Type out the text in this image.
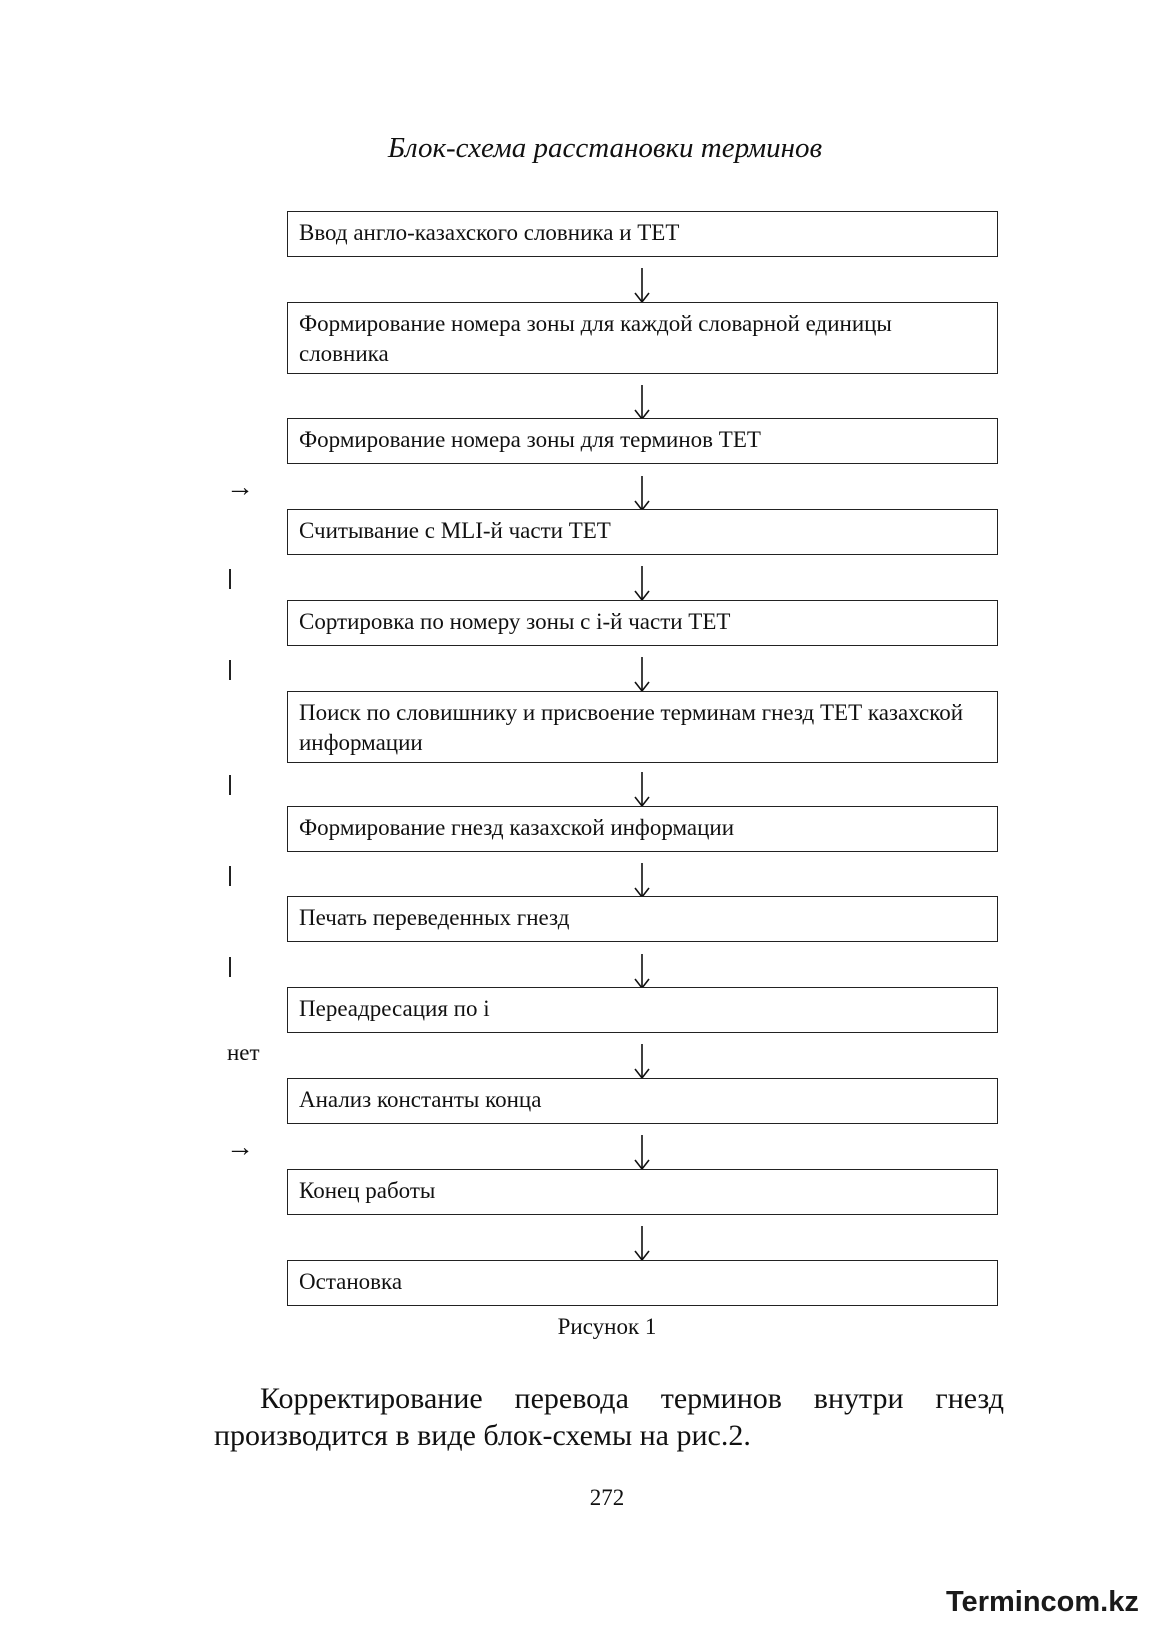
Блок-схема расстановки терминов
Ввод англо-казахского словника и ТЕТ
Формирование номера зоны для каждой словарной единицы словника
Формирование номера зоны для терминов ТЕТ
Считывание с MLI-й части ТЕТ
Сортировка по номеру зоны с i-й части ТЕТ
Поиск по словишнику и присвоение терминам гнезд ТЕТ казахской информации
Формирование гнезд казахской информации
Печать переведенных гнезд
Переадресация по i
Анализ константы конца
Конец работы
Остановка
→
нет
→
Рисунок 1
Корректирование перевода терминов внутри гнезд производится в виде блок-схемы на рис.2.
272
Termincom.kz
